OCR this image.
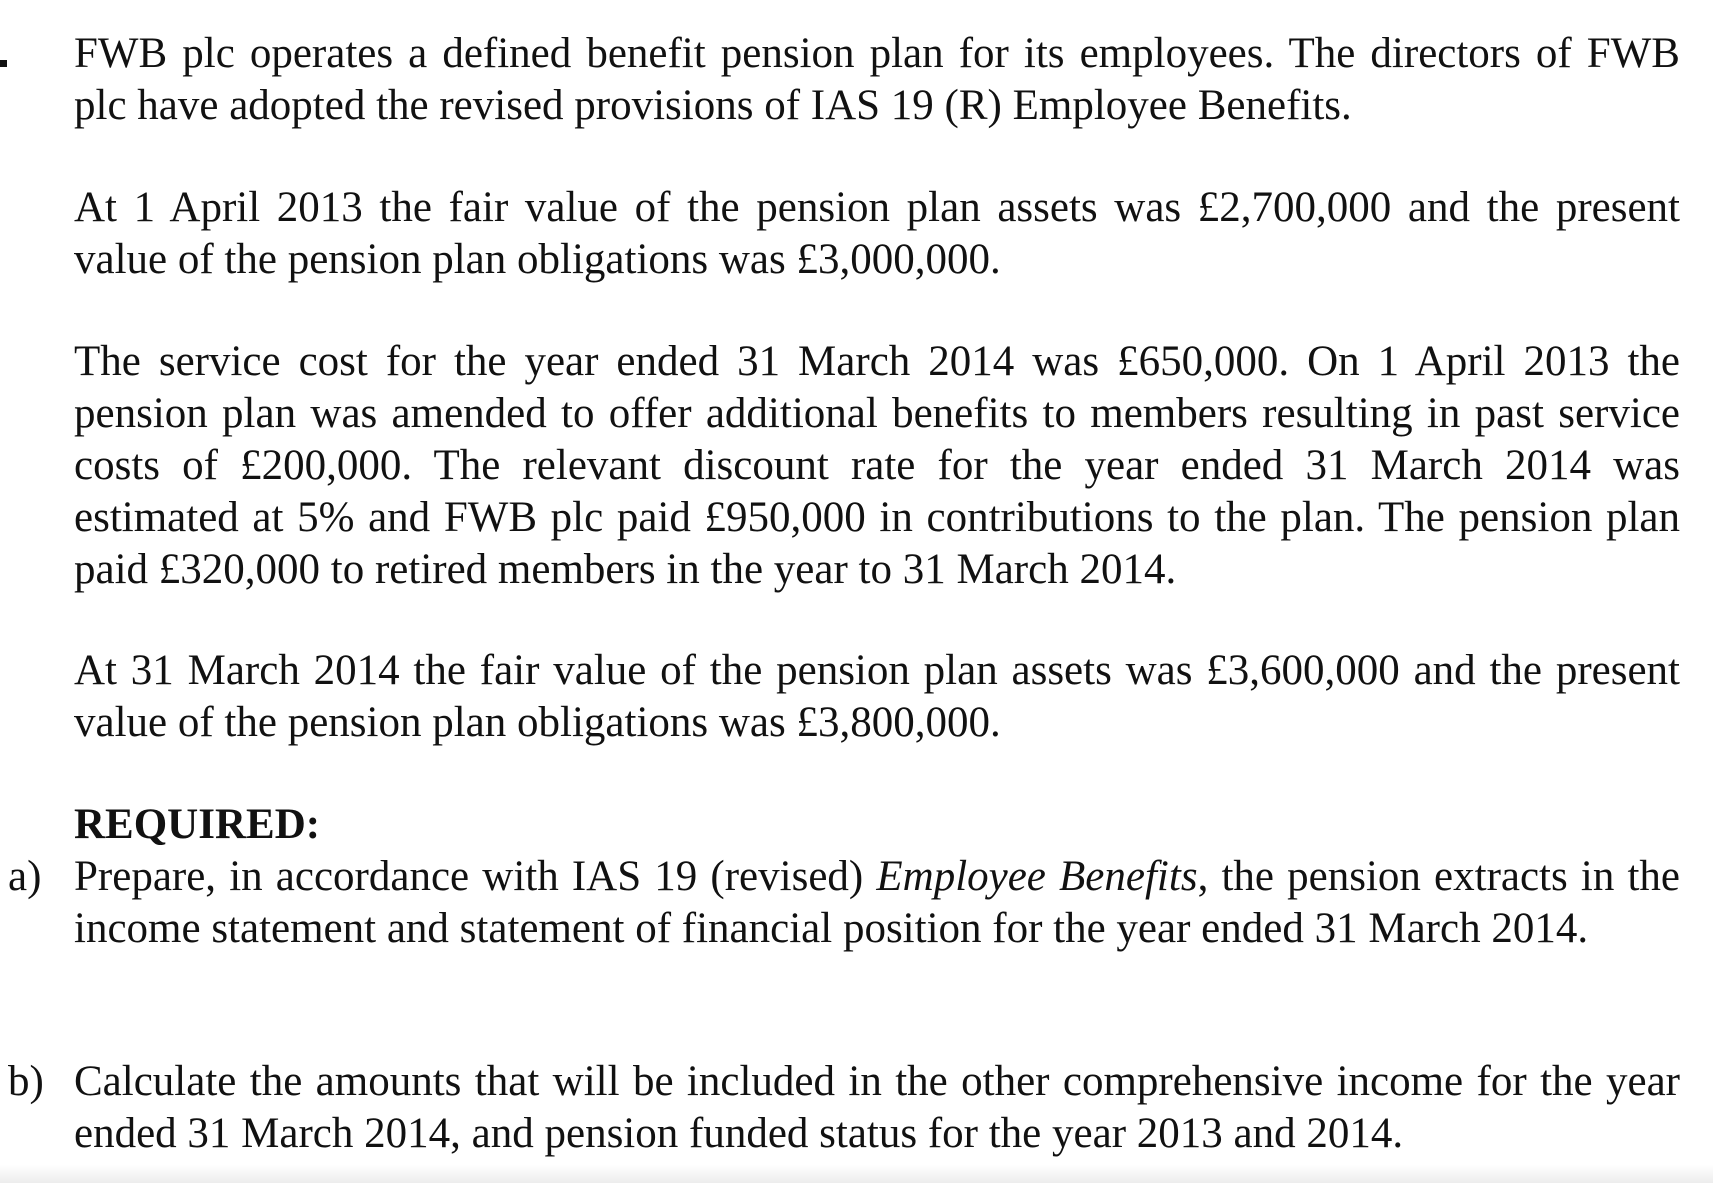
FWB plc operates a defined benefit pension plan for its employees. The directors of FWB plc have adopted the revised provisions of IAS 19 (R) Employee Benefits.

At 1 April 2013 the fair value of the pension plan assets was £2,700,000 and the present value of the pension plan obligations was £3,000,000.

The service cost for the year ended 31 March 2014 was £650,000. On 1 April 2013 the pension plan was amended to offer additional benefits to members resulting in past service costs of £200,000. The relevant discount rate for the year ended 31 March 2014 was estimated at 5% and FWB plc paid £950,000 in contributions to the plan. The pension plan paid £320,000 to retired members in the year to 31 March 2014.

At 31 March 2014 the fair value of the pension plan assets was £3,600,000 and the present value of the pension plan obligations was £3,800,000.

REQUIRED:

a) Prepare, in accordance with IAS 19 (revised) Employee Benefits, the pension extracts in the income statement and statement of financial position for the year ended 31 March 2014.

b) Calculate the amounts that will be included in the other comprehensive income for the year ended 31 March 2014, and pension funded status for the year 2013 and 2014.
